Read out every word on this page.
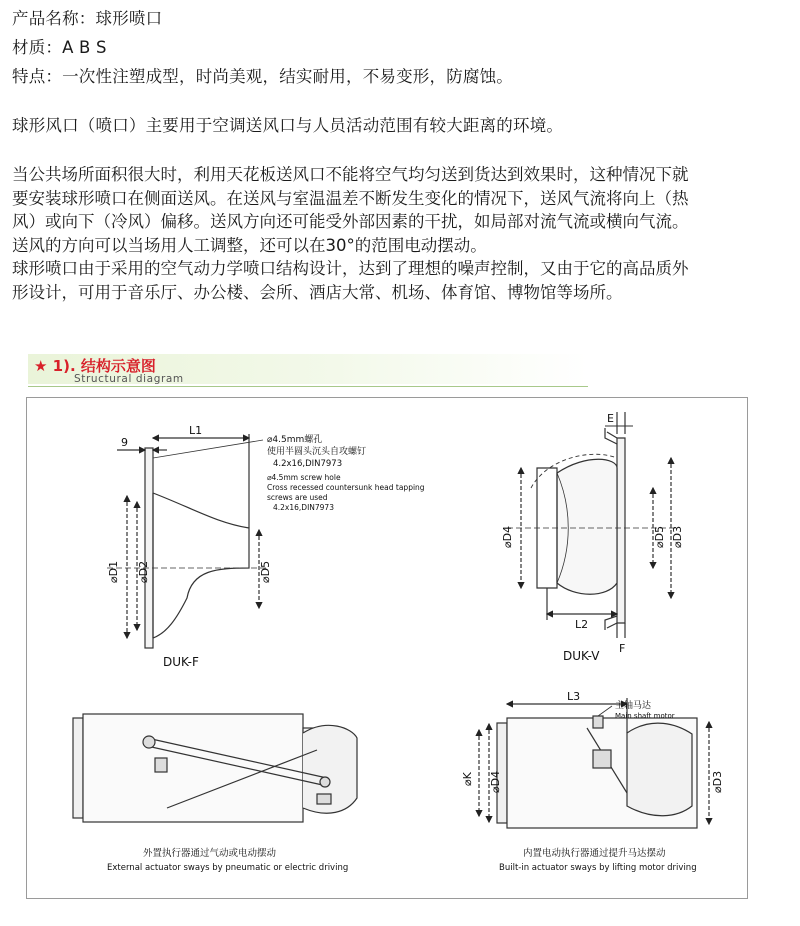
产品名称：球形喷口
材质：A B S
特点：一次性注塑成型，时尚美观，结实耐用，不易变形，防腐蚀。
球形风口（喷口）主要用于空调送风口与人员活动范围有较大距离的环境。

当公共场所面积很大时，利用天花板送风口不能将空气均匀送到货达到效果时，这种情况下就

要安装球形喷口在侧面送风。在送风与室温温差不断发生变化的情况下，送风气流将向上（热

风）或向下（冷风）偏移。送风方向还可能受外部因素的干扰，如局部对流气流或横向气流。

送风的方向可以当场用人工调整，还可以在30°的范围电动摆动。

球形喷口由于采用的空气动力学喷口结构设计，达到了理想的噪声控制，又由于它的高品质外

形设计，可用于音乐厅、办公楼、会所、酒店大常、机场、体育馆、博物馆等场所。

★ 1). 结构示意图
Structural diagram
9
L1
⌀D1 ⌀D2	⌀D5
⌀4.5mm螺孔
使用半圆头沉头自攻螺钉
4.2x16,DIN7973
⌀4.5mm screw hole
Cross recessed countersunk head tapping
screws are used
4.2x16,DIN7973
DUK-F
E
⌀D4	⌀D5 ⌀D3
L2
F
DUK-V
外置执行器通过气动或电动摆动
External actuator sways by pneumatic or electric driving
L3
主轴马达
Main shaft motor
⌀K ⌀D4	⌀D3
内置电动执行器通过提升马达摆动
Built-in actuator sways by lifting motor driving
